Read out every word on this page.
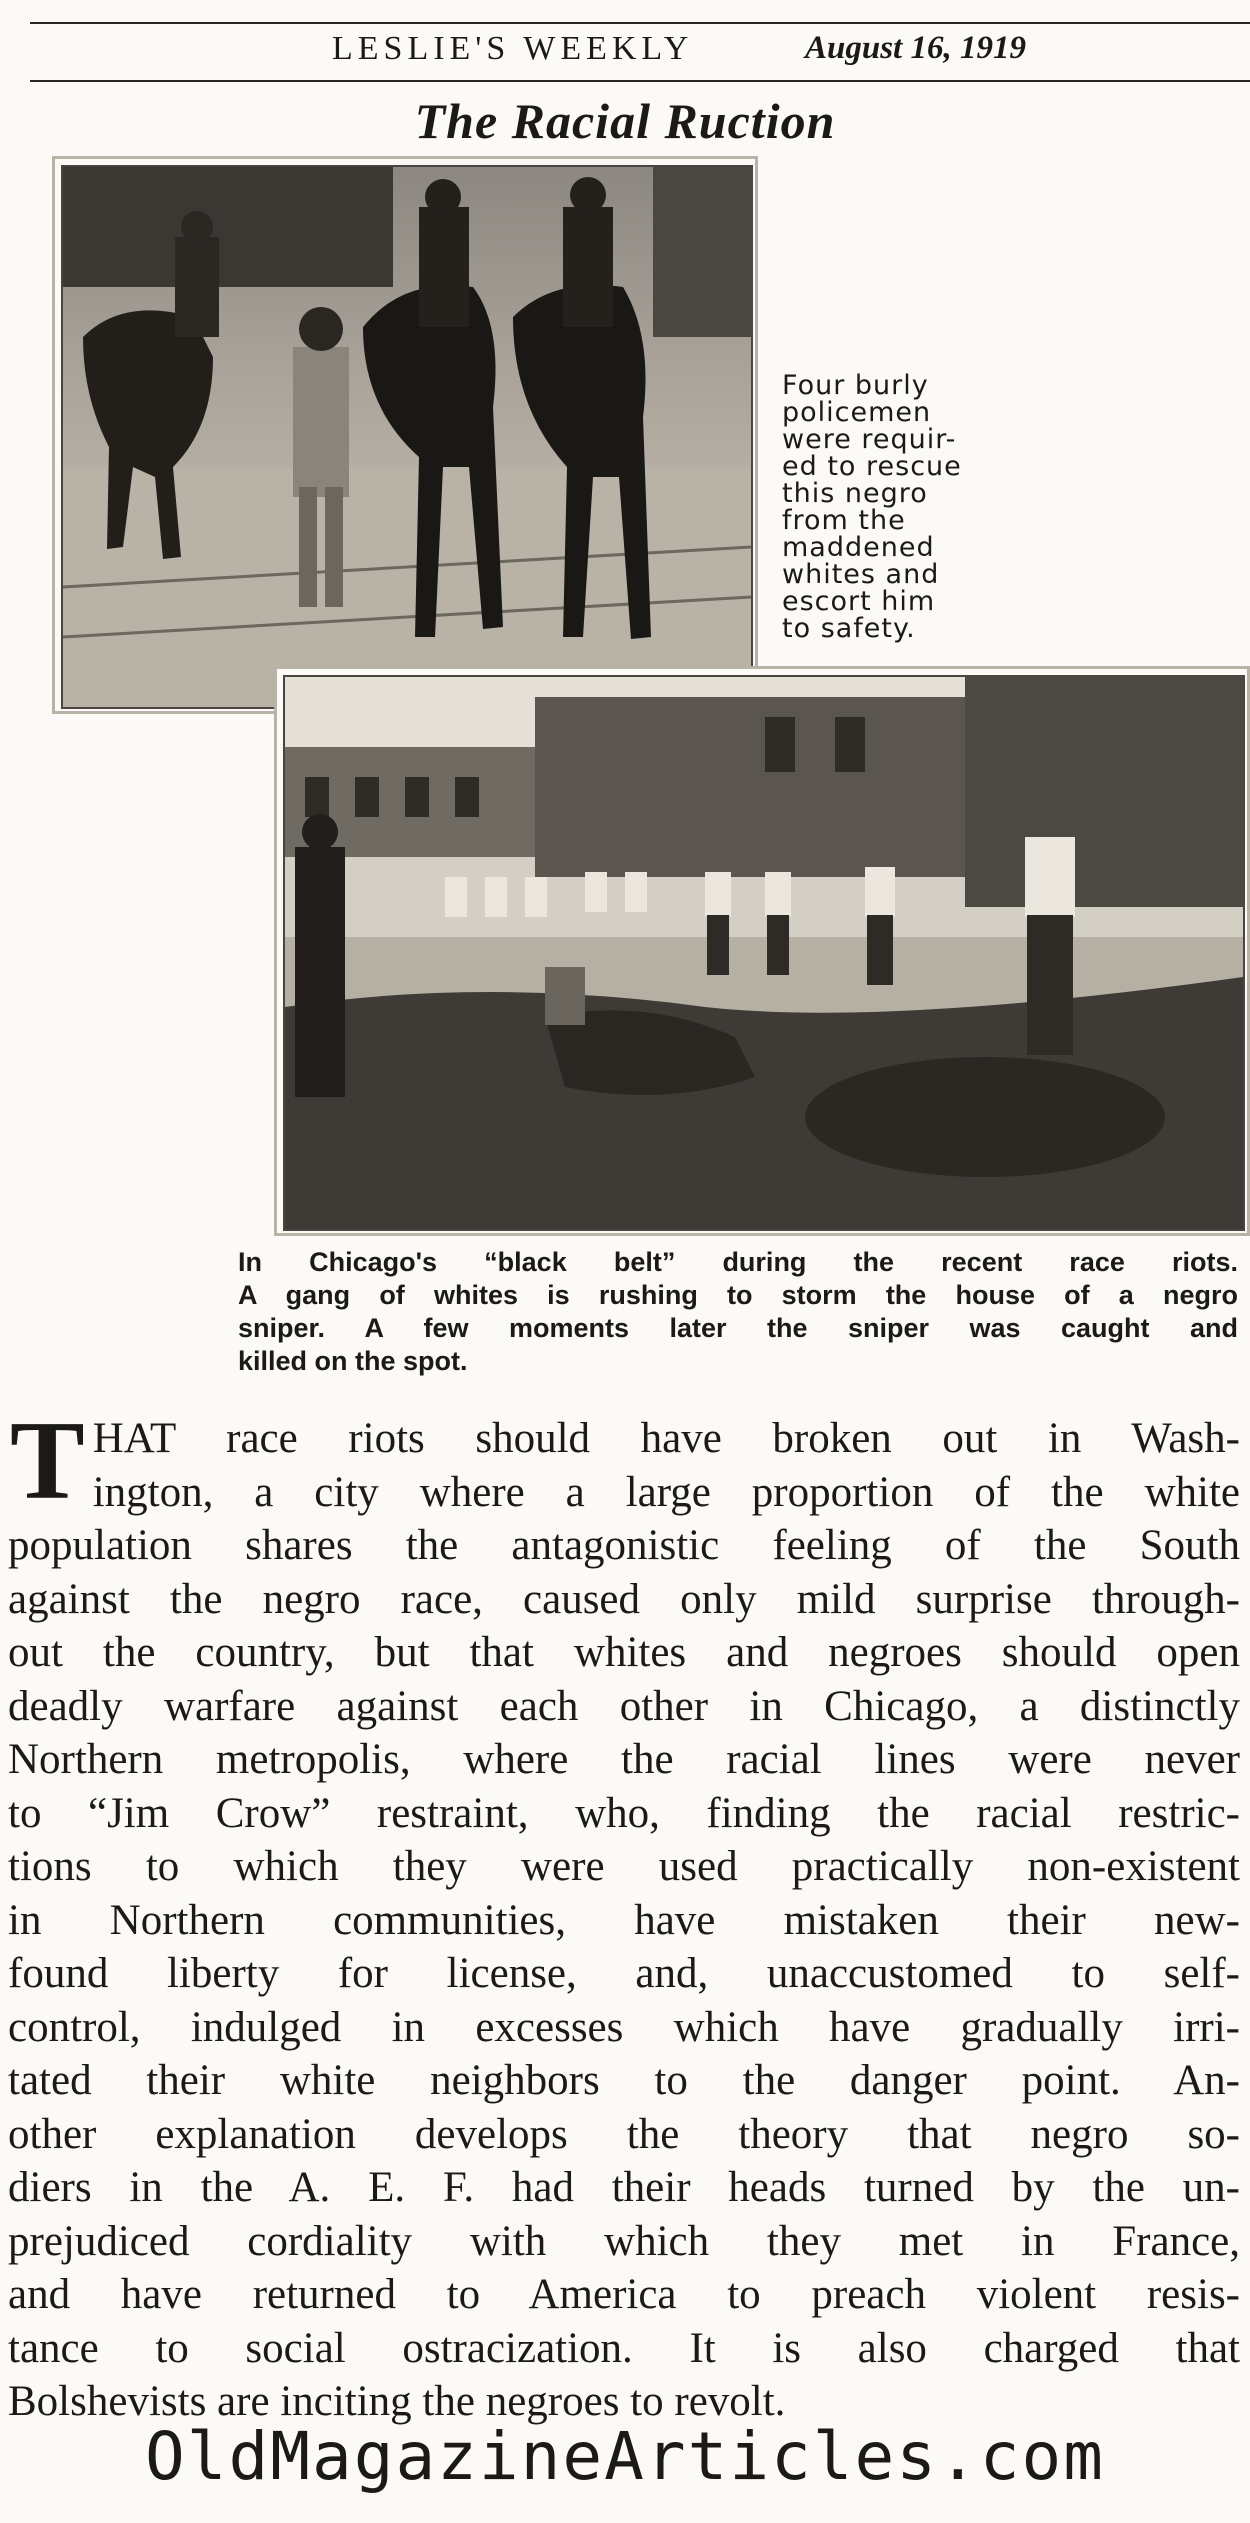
LESLIE'S WEEKLY	August 16, 1919
The Racial Ruction
Four burly
policemen
were requir-
ed to rescue
this negro
from the
maddened
whites and
escort him
to safety.
In Chicago's “black belt” during the recent race riots.
A gang of whites is rushing to storm the house of a negro
sniper. A few moments later the sniper was caught and
killed on the spot.
T HAT race riots should have broken out in Wash-
ington, a city where a large proportion of the white
population shares the antagonistic feeling of the South
against the negro race, caused only mild surprise through-
out the country, but that whites and negroes should open
deadly warfare against each other in Chicago, a distinctly
Northern metropolis, where the racial lines were never
to “Jim Crow” restraint, who, finding the racial restric-
tions to which they were used practically non-existent
in Northern communities, have mistaken their new-
found liberty for license, and, unaccustomed to self-
control, indulged in excesses which have gradually irri-
tated their white neighbors to the danger point. An-
other explanation develops the theory that negro so-
diers in the A. E. F. had their heads turned by the un-
prejudiced cordiality with which they met in France,
and have returned to America to preach violent resis-
tance to social ostracization. It is also charged that
Bolshevists are inciting the negroes to revolt.
OldMagazineArticles.com
